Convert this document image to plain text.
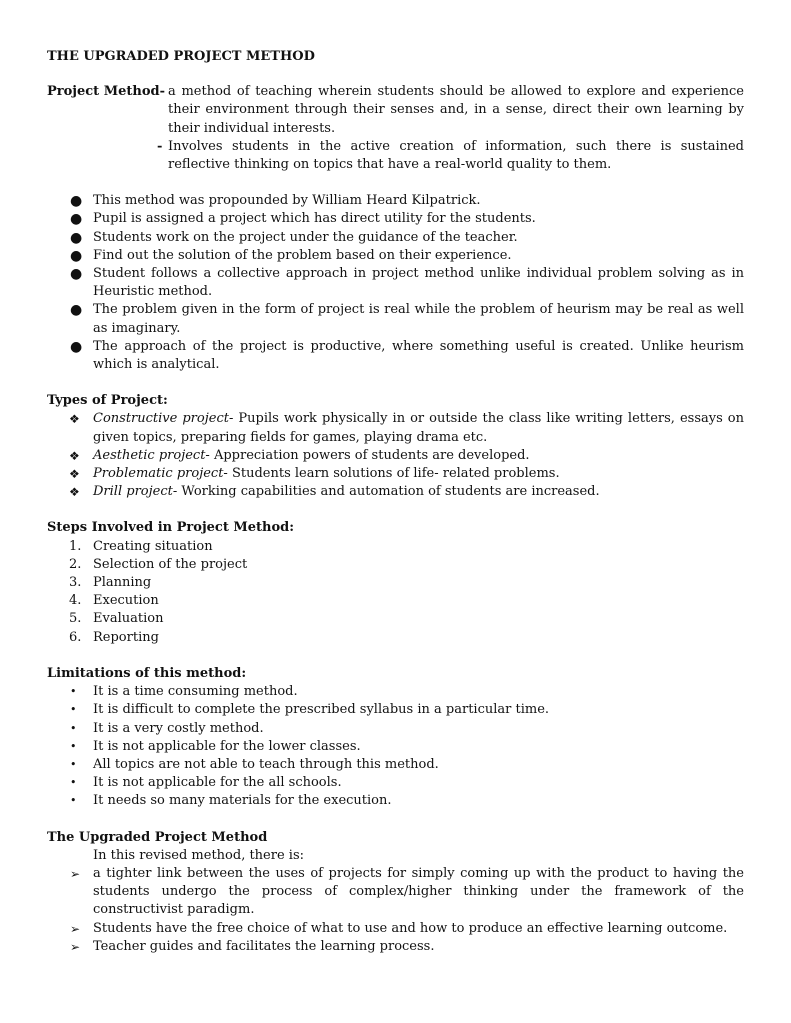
THE UPGRADED PROJECT METHOD
Project Method- a method of teaching wherein students should be allowed to explore and experience their environment through their senses and, in a sense, direct their own learning by their individual interests.
- Involves students in the active creation of information, such there is sustained reflective thinking on topics that have a real-world quality to them.
● This method was propounded by William Heard Kilpatrick.
● Pupil is assigned a project which has direct utility for the students.
● Students work on the project under the guidance of the teacher.
● Find out the solution of the problem based on their experience.
● Student follows a collective approach in project method unlike individual problem solving as in Heuristic method.
● The problem given in the form of project is real while the problem of heurism may be real as well as imaginary.
● The approach of the project is productive, where something useful is created. Unlike heurism which is analytical.
Types of Project:
❖ Constructive project- Pupils work physically in or outside the class like writing letters, essays on given topics, preparing fields for games, playing drama etc.
❖ Aesthetic project- Appreciation powers of students are developed.
❖ Problematic project- Students learn solutions of life- related problems.
❖ Drill project- Working capabilities and automation of students are increased.
Steps Involved in Project Method:
1. Creating situation
2. Selection of the project
3. Planning
4. Execution
5. Evaluation
6. Reporting
Limitations of this method:
• It is a time consuming method.
• It is difficult to complete the prescribed syllabus in a particular time.
• It is a very costly method.
• It is not applicable for the lower classes.
• All topics are not able to teach through this method.
• It is not applicable for the all schools.
• It needs so many materials for the execution.
The Upgraded Project Method
In this revised method, there is:
➢ a tighter link between the uses of projects for simply coming up with the product to having the students undergo the process of complex/higher thinking under the framework of the constructivist paradigm.
➢ Students have the free choice of what to use and how to produce an effective learning outcome.
➢ Teacher guides and facilitates the learning process.
